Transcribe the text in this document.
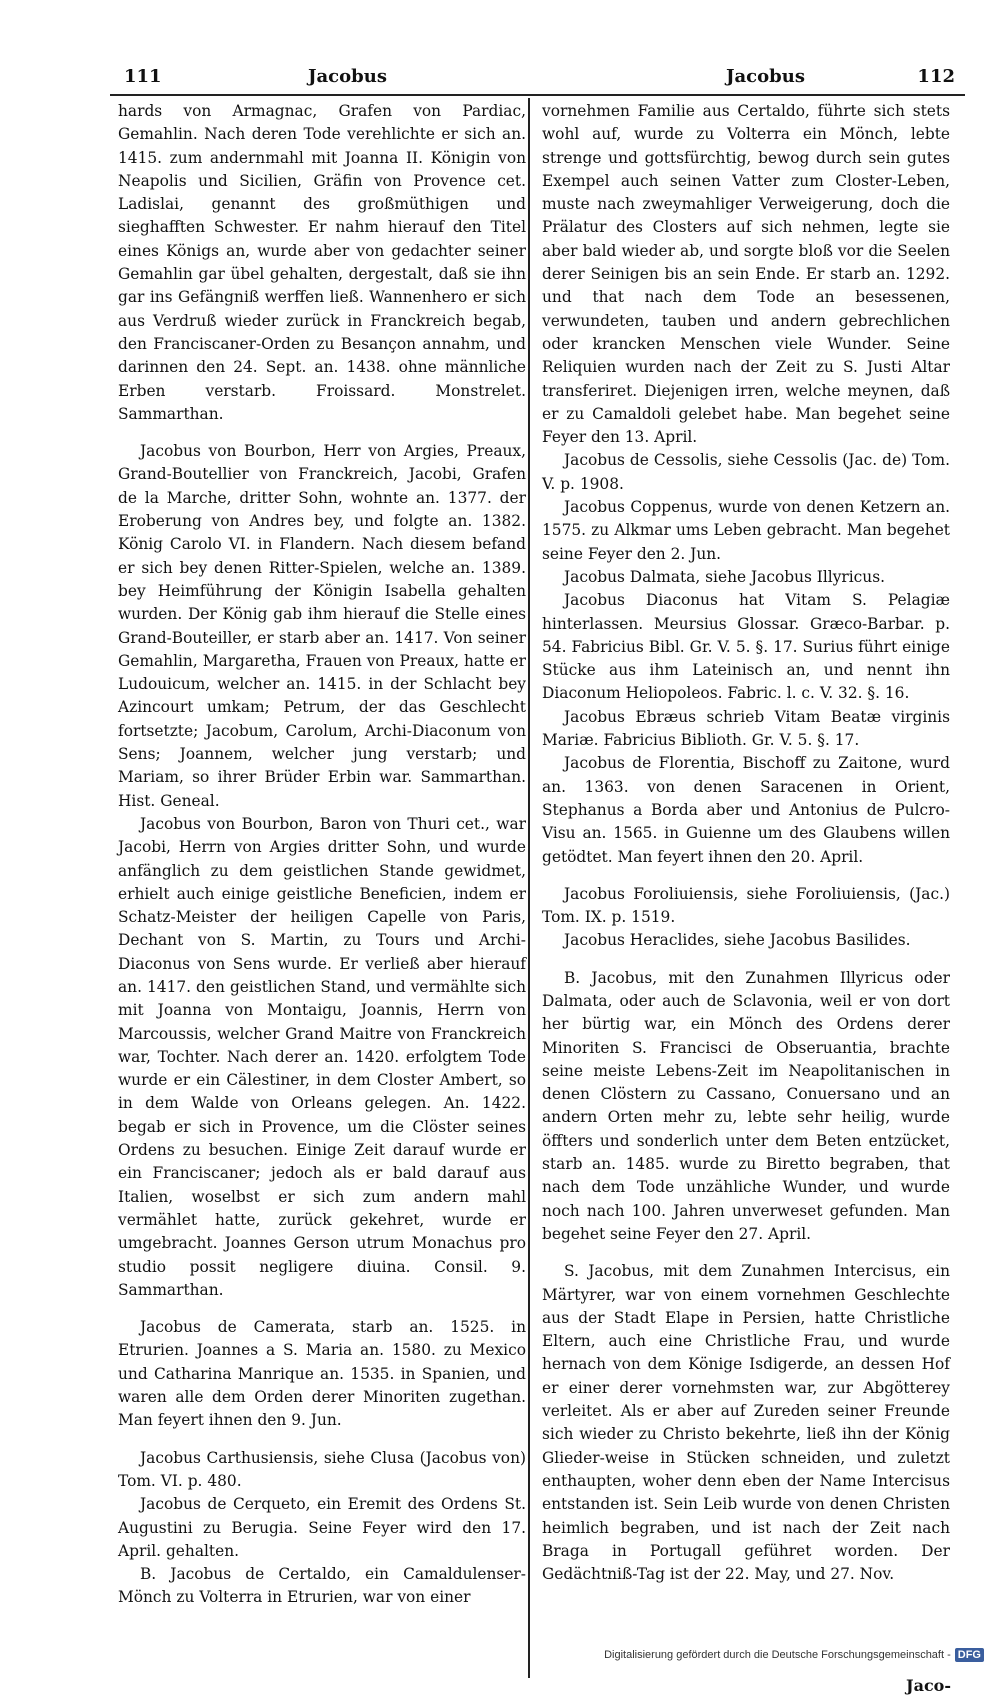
111	Jacobus	Jacobus	112

hards von Armagnac, Grafen von Pardiac, Gemahlin. Nach deren Tode verehlichte er sich an. 1415. zum andernmahl mit Joanna II. Königin von Neapolis und Sicilien, Gräfin von Provence cet. Ladislai, genannt des großmüthigen und sieghafften Schwester. Er nahm hierauf den Titel eines Königs an, wurde aber von gedachter seiner Gemahlin gar übel gehalten, dergestalt, daß sie ihn gar ins Gefängniß werffen ließ. Wannenhero er sich aus Verdruß wieder zurück in Franckreich begab, den Franciscaner-Orden zu Besançon annahm, und darinnen den 24. Sept. an. 1438. ohne männliche Erben verstarb. Froissard. Monstrelet. Sammarthan.

Jacobus von Bourbon, Herr von Argies, Preaux, Grand-Boutellier von Franckreich, Jacobi, Grafen de la Marche, dritter Sohn, wohnte an. 1377. der Eroberung von Andres bey, und folgte an. 1382. König Carolo VI. in Flandern. Nach diesem befand er sich bey denen Ritter-Spielen, welche an. 1389. bey Heimführung der Königin Isabella gehalten wurden. Der König gab ihm hierauf die Stelle eines Grand-Bouteiller, er starb aber an. 1417. Von seiner Gemahlin, Margaretha, Frauen von Preaux, hatte er Ludouicum, welcher an. 1415. in der Schlacht bey Azincourt umkam; Petrum, der das Geschlecht fortsetzte; Jacobum, Carolum, Archi-Diaconum von Sens; Joannem, welcher jung verstarb; und Mariam, so ihrer Brüder Erbin war. Sammarthan. Hist. Geneal.

Jacobus von Bourbon, Baron von Thuri cet., war Jacobi, Herrn von Argies dritter Sohn, und wurde anfänglich zu dem geistlichen Stande gewidmet, erhielt auch einige geistliche Beneficien, indem er Schatz-Meister der heiligen Capelle von Paris, Dechant von S. Martin, zu Tours und Archi-Diaconus von Sens wurde. Er verließ aber hierauf an. 1417. den geistlichen Stand, und vermählte sich mit Joanna von Montaigu, Joannis, Herrn von Marcoussis, welcher Grand Maitre von Franckreich war, Tochter. Nach derer an. 1420. erfolgtem Tode wurde er ein Cälestiner, in dem Closter Ambert, so in dem Walde von Orleans gelegen. An. 1422. begab er sich in Provence, um die Clöster seines Ordens zu besuchen. Einige Zeit darauf wurde er ein Franciscaner; jedoch als er bald darauf aus Italien, woselbst er sich zum andern mahl vermählet hatte, zurück gekehret, wurde er umgebracht. Joannes Gerson utrum Monachus pro studio possit negligere diuina. Consil. 9. Sammarthan.

Jacobus de Camerata, starb an. 1525. in Etrurien. Joannes a S. Maria an. 1580. zu Mexico und Catharina Manrique an. 1535. in Spanien, und waren alle dem Orden derer Minoriten zugethan. Man feyert ihnen den 9. Jun.

Jacobus Carthusiensis, siehe Clusa (Jacobus von) Tom. VI. p. 480.

Jacobus de Cerqueto, ein Eremit des Ordens St. Augustini zu Berugia. Seine Feyer wird den 17. April. gehalten.

B. Jacobus de Certaldo, ein Camaldulenser-Mönch zu Volterra in Etrurien, war von einer

vornehmen Familie aus Certaldo, führte sich stets wohl auf, wurde zu Volterra ein Mönch, lebte strenge und gottsfürchtig, bewog durch sein gutes Exempel auch seinen Vatter zum Closter-Leben, muste nach zweymahliger Verweigerung, doch die Prälatur des Closters auf sich nehmen, legte sie aber bald wieder ab, und sorgte bloß vor die Seelen derer Seinigen bis an sein Ende. Er starb an. 1292. und that nach dem Tode an besessenen, verwundeten, tauben und andern gebrechlichen oder krancken Menschen viele Wunder. Seine Reliquien wurden nach der Zeit zu S. Justi Altar transferiret. Diejenigen irren, welche meynen, daß er zu Camaldoli gelebet habe. Man begehet seine Feyer den 13. April.

Jacobus de Cessolis, siehe Cessolis (Jac. de) Tom. V. p. 1908.

Jacobus Coppenus, wurde von denen Ketzern an. 1575. zu Alkmar ums Leben gebracht. Man begehet seine Feyer den 2. Jun.

Jacobus Dalmata, siehe Jacobus Illyricus.

Jacobus Diaconus hat Vitam S. Pelagiæ hinterlassen. Meursius Glossar. Græco-Barbar. p. 54. Fabricius Bibl. Gr. V. 5. §. 17. Surius führt einige Stücke aus ihm Lateinisch an, und nennt ihn Diaconum Heliopoleos. Fabric. l. c. V. 32. §. 16.

Jacobus Ebræus schrieb Vitam Beatæ virginis Mariæ. Fabricius Biblioth. Gr. V. 5. §. 17.

Jacobus de Florentia, Bischoff zu Zaitone, wurd an. 1363. von denen Saracenen in Orient, Stephanus a Borda aber und Antonius de Pulcro-Visu an. 1565. in Guienne um des Glaubens willen getödtet. Man feyert ihnen den 20. April.

Jacobus Foroliuiensis, siehe Foroliuiensis, (Jac.) Tom. IX. p. 1519.

Jacobus Heraclides, siehe Jacobus Basilides.

B. Jacobus, mit den Zunahmen Illyricus oder Dalmata, oder auch de Sclavonia, weil er von dort her bürtig war, ein Mönch des Ordens derer Minoriten S. Francisci de Obseruantia, brachte seine meiste Lebens-Zeit im Neapolitanischen in denen Clöstern zu Cassano, Conuersano und an andern Orten mehr zu, lebte sehr heilig, wurde öffters und sonderlich unter dem Beten entzücket, starb an. 1485. wurde zu Biretto begraben, that nach dem Tode unzähliche Wunder, und wurde noch nach 100. Jahren unverweset gefunden. Man begehet seine Feyer den 27. April.

S. Jacobus, mit dem Zunahmen Intercisus, ein Märtyrer, war von einem vornehmen Geschlechte aus der Stadt Elape in Persien, hatte Christliche Eltern, auch eine Christliche Frau, und wurde hernach von dem Könige Isdigerde, an dessen Hof er einer derer vornehmsten war, zur Abgötterey verleitet. Als er aber auf Zureden seiner Freunde sich wieder zu Christo bekehrte, ließ ihn der König Glieder-weise in Stücken schneiden, und zuletzt enthaupten, woher denn eben der Name Intercisus entstanden ist. Sein Leib wurde von denen Christen heimlich begraben, und ist nach der Zeit nach Braga in Portugall geführet worden. Der Gedächtniß-Tag ist der 22. May, und 27. Nov.

Jaco-
Digitalisierung gefördert durch die Deutsche Forschungsgemeinschaft - DFG
